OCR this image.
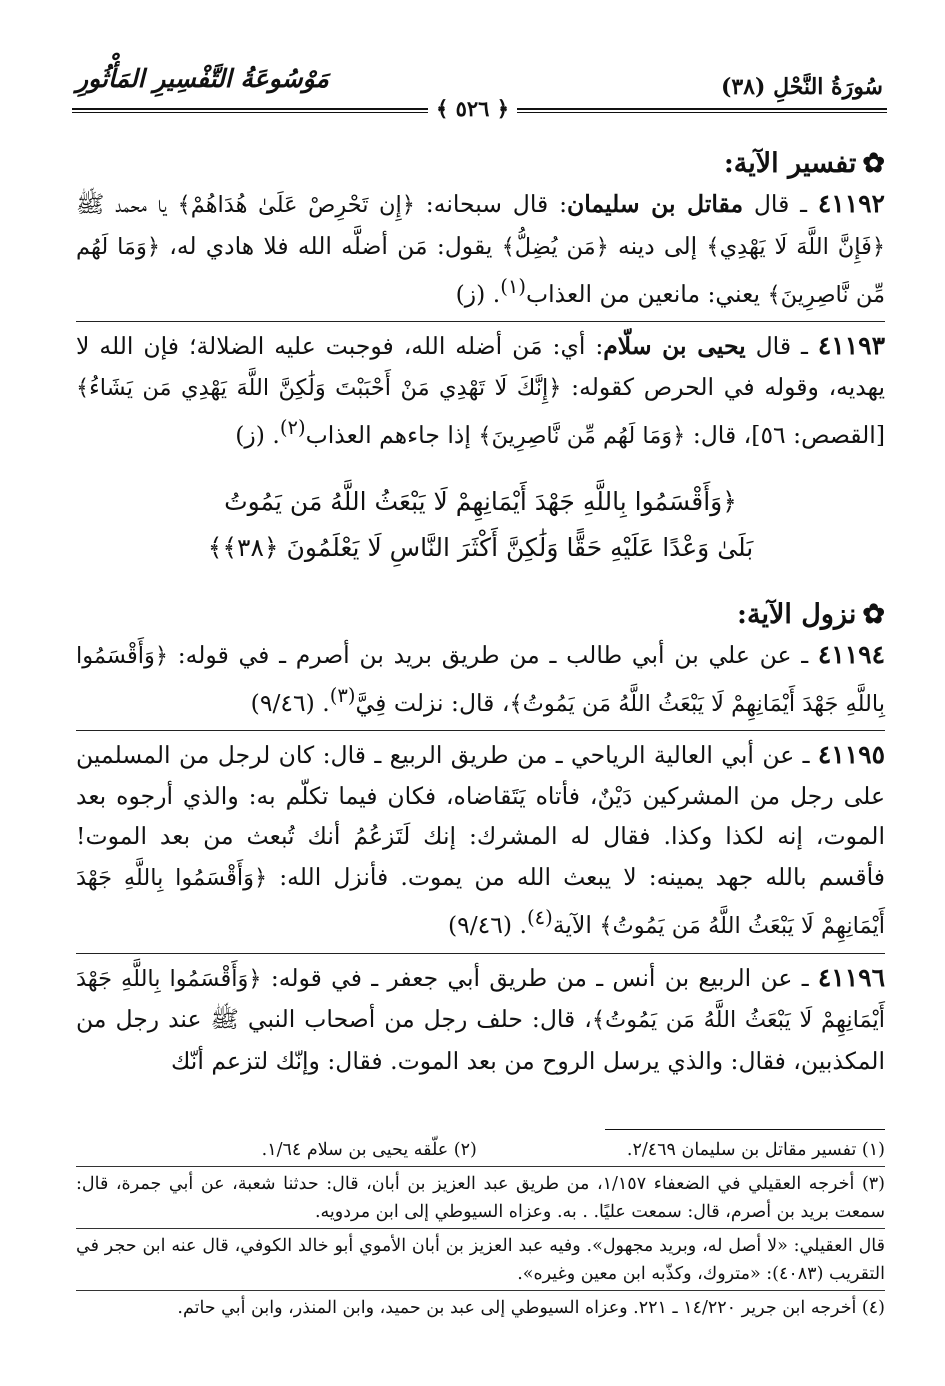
سُورَةُ النَّحْلِ (٣٨)
مَوْسُوعَةُ التَّفْسِيرِ المَأْثُورِ
﴾ ٥٢٦ ﴿

✿تفسير الآية:

٤١١٩٢ ـ قال مقاتل بن سليمان: قال سبحانه: ﴿إِن تَحْرِصْ عَلَىٰ هُدَاهُمْ﴾ يا محمد ﷺ ﴿فَإِنَّ اللَّهَ لَا يَهْدِي﴾ إلى دينه ﴿مَن يُضِلُّ﴾ يقول: مَن أضلَّه الله فلا هادي له، ﴿وَمَا لَهُم مِّن نَّاصِرِينَ﴾ يعني: مانعين من العذاب$^{(١)}$. (ز)

٤١١٩٣ ـ قال يحيى بن سلّام: أي: مَن أضله الله، فوجبت عليه الضلالة؛ فإن الله لا يهديه، وقوله في الحرص كقوله: ﴿إِنَّكَ لَا تَهْدِي مَنْ أَحْبَبْتَ وَلَٰكِنَّ اللَّهَ يَهْدِي مَن يَشَاءُ﴾ [القصص: ٥٦]، قال: ﴿وَمَا لَهُم مِّن نَّاصِرِينَ﴾ إذا جاءهم العذاب$^{(٢)}$. (ز)

﴿وَأَقْسَمُوا بِاللَّهِ جَهْدَ أَيْمَانِهِمْ لَا يَبْعَثُ اللَّهُ مَن يَمُوتُ
بَلَىٰ وَعْدًا عَلَيْهِ حَقًّا وَلَٰكِنَّ أَكْثَرَ النَّاسِ لَا يَعْلَمُونَ ﴿٣٨﴾﴾

✿نزول الآية:

٤١١٩٤ ـ عن علي بن أبي طالب ـ من طريق بريد بن أصرم ـ في قوله: ﴿وَأَقْسَمُوا بِاللَّهِ جَهْدَ أَيْمَانِهِمْ لَا يَبْعَثُ اللَّهُ مَن يَمُوتُ﴾، قال: نزلت فِيَّ$^{(٣)}$. (٩/٤٦)

٤١١٩٥ ـ عن أبي العالية الرياحي ـ من طريق الربيع ـ قال: كان لرجل من المسلمين على رجل من المشركين دَيْنٌ، فأتاه يَتَقاضاه، فكان فيما تكلّم به: والذي أرجوه بعد الموت، إنه لكذا وكذا. فقال له المشرك: إنك لَتَزعُمُ أنك تُبعث من بعد الموت! فأقسم بالله جهد يمينه: لا يبعث الله من يموت. فأنزل الله: ﴿وَأَقْسَمُوا بِاللَّهِ جَهْدَ أَيْمَانِهِمْ لَا يَبْعَثُ اللَّهُ مَن يَمُوتُ﴾ الآية$^{(٤)}$. (٩/٤٦)

٤١١٩٦ ـ عن الربيع بن أنس ـ من طريق أبي جعفر ـ في قوله: ﴿وَأَقْسَمُوا بِاللَّهِ جَهْدَ أَيْمَانِهِمْ لَا يَبْعَثُ اللَّهُ مَن يَمُوتُ﴾، قال: حلف رجل من أصحاب النبي ﷺ عند رجل من المكذبين، فقال: والذي يرسل الروح من بعد الموت. فقال: وإنّك لتزعم أنّك

(١) تفسير مقاتل بن سليمان ٢/٤٦٩.
(٢) علّقه يحيى بن سلام ١/٦٤.

(٣) أخرجه العقيلي في الضعفاء ١/١٥٧، من طريق عبد العزيز بن أبان، قال: حدثنا شعبة، عن أبي جمرة، قال: سمعت بريد بن أصرم، قال: سمعت عليًا. . به. وعزاه السيوطي إلى ابن مردويه.

قال العقيلي: «لا أصل له، وبريد مجهول». وفيه عبد العزيز بن أبان الأموي أبو خالد الكوفي، قال عنه ابن حجر في التقريب (٤٠٨٣): «متروك، وكذّبه ابن معين وغيره».

(٤) أخرجه ابن جرير ١٤/٢٢٠ ـ ٢٢١. وعزاه السيوطي إلى عبد بن حميد، وابن المنذر، وابن أبي حاتم.
